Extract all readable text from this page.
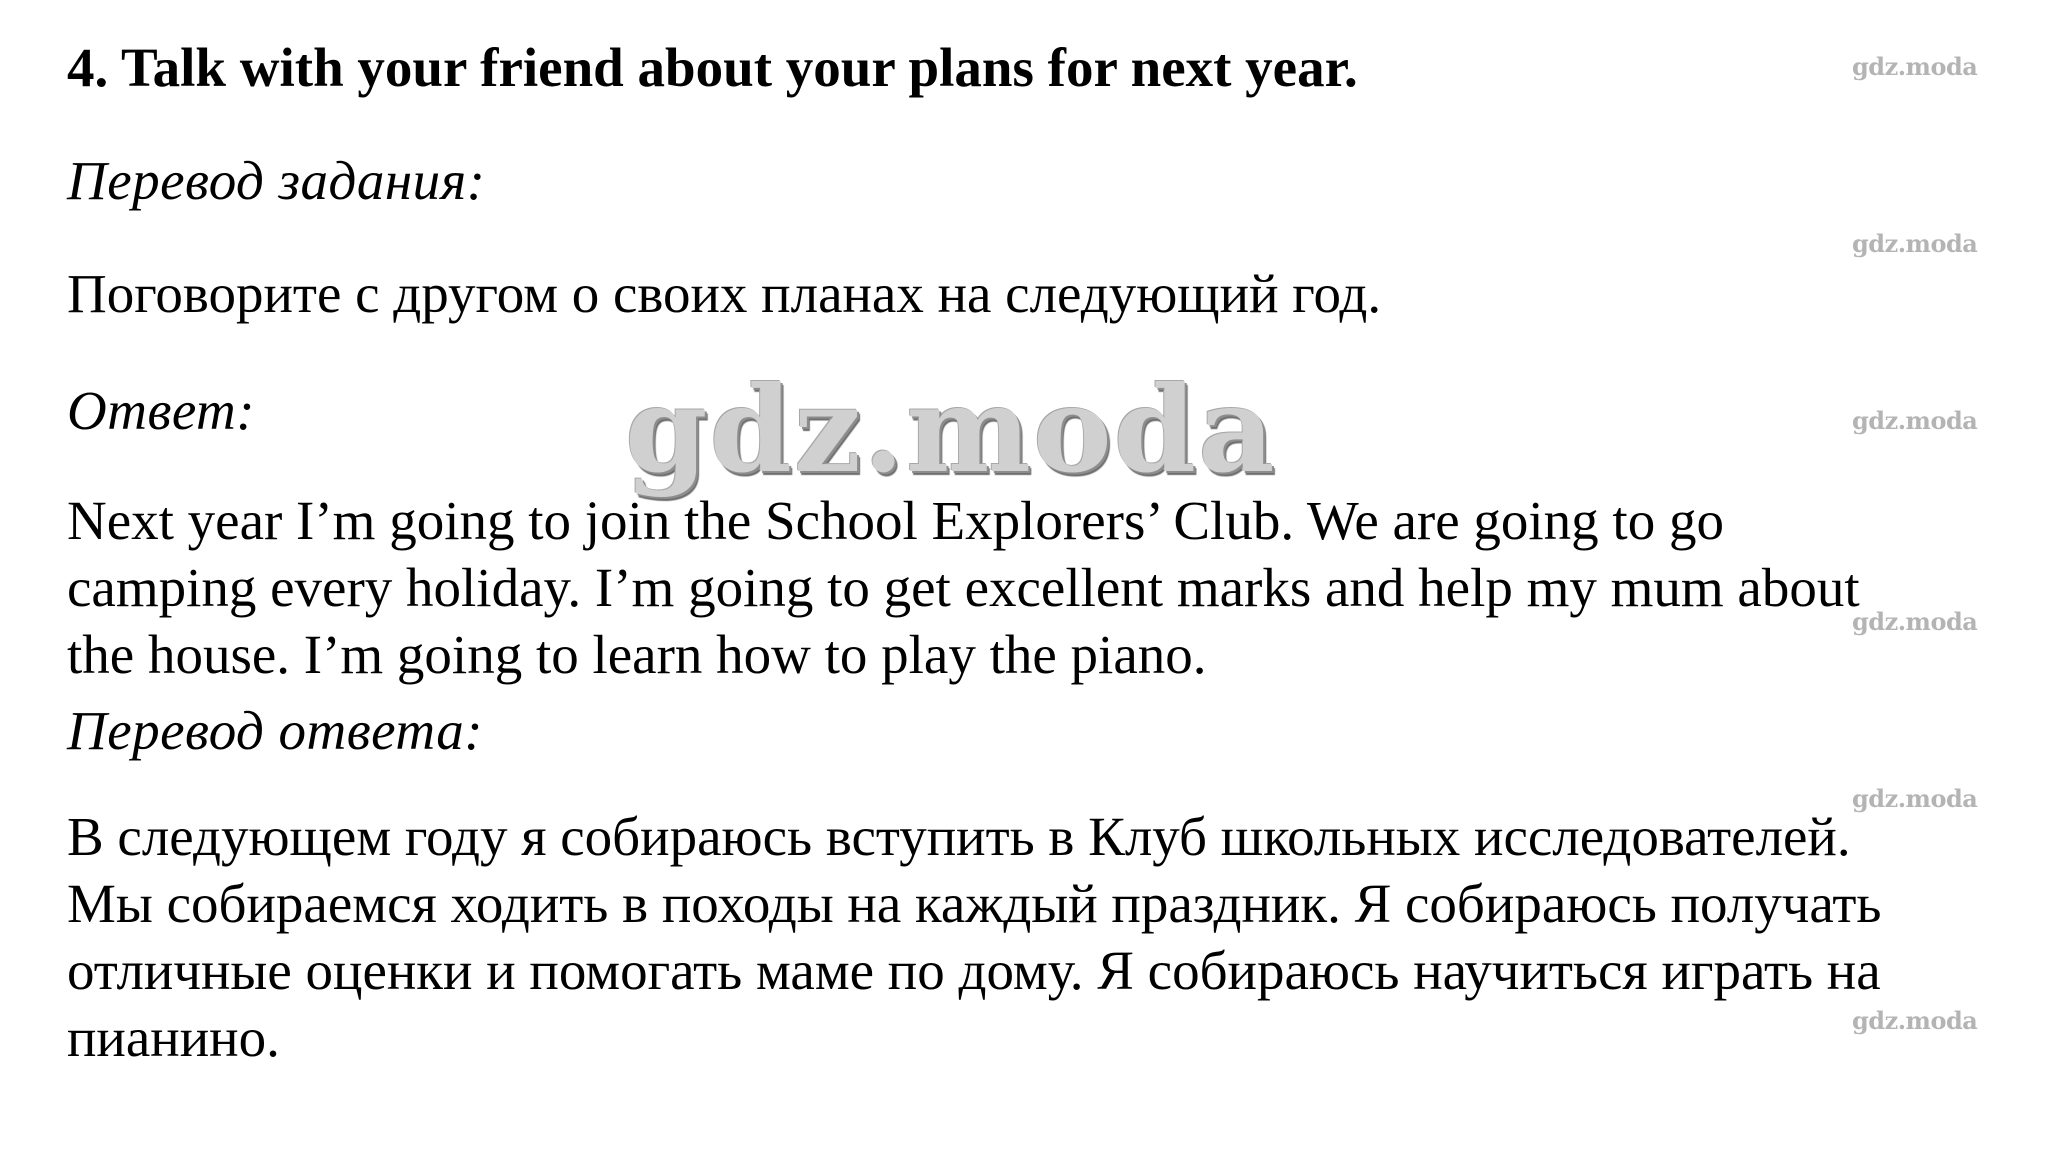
4. Talk with your friend about your plans for next year.
Перевод задания:
Поговорите с другом о своих планах на следующий год.
Ответ:
Next year I’m going to join the School Explorers’ Club. We are going to go
camping every holiday. I’m going to get excellent marks and help my mum about
the house. I’m going to learn how to play the piano.
Перевод ответа:
В следующем году я собираюсь вступить в Клуб школьных исследователей.
Мы собираемся ходить в походы на каждый праздник. Я собираюсь получать
отличные оценки и помогать маме по дому. Я собираюсь научиться играть на
пианино.
gdz.moda
gdz.moda
gdz.moda
gdz.moda
gdz.moda
gdz.moda
gdz.moda
